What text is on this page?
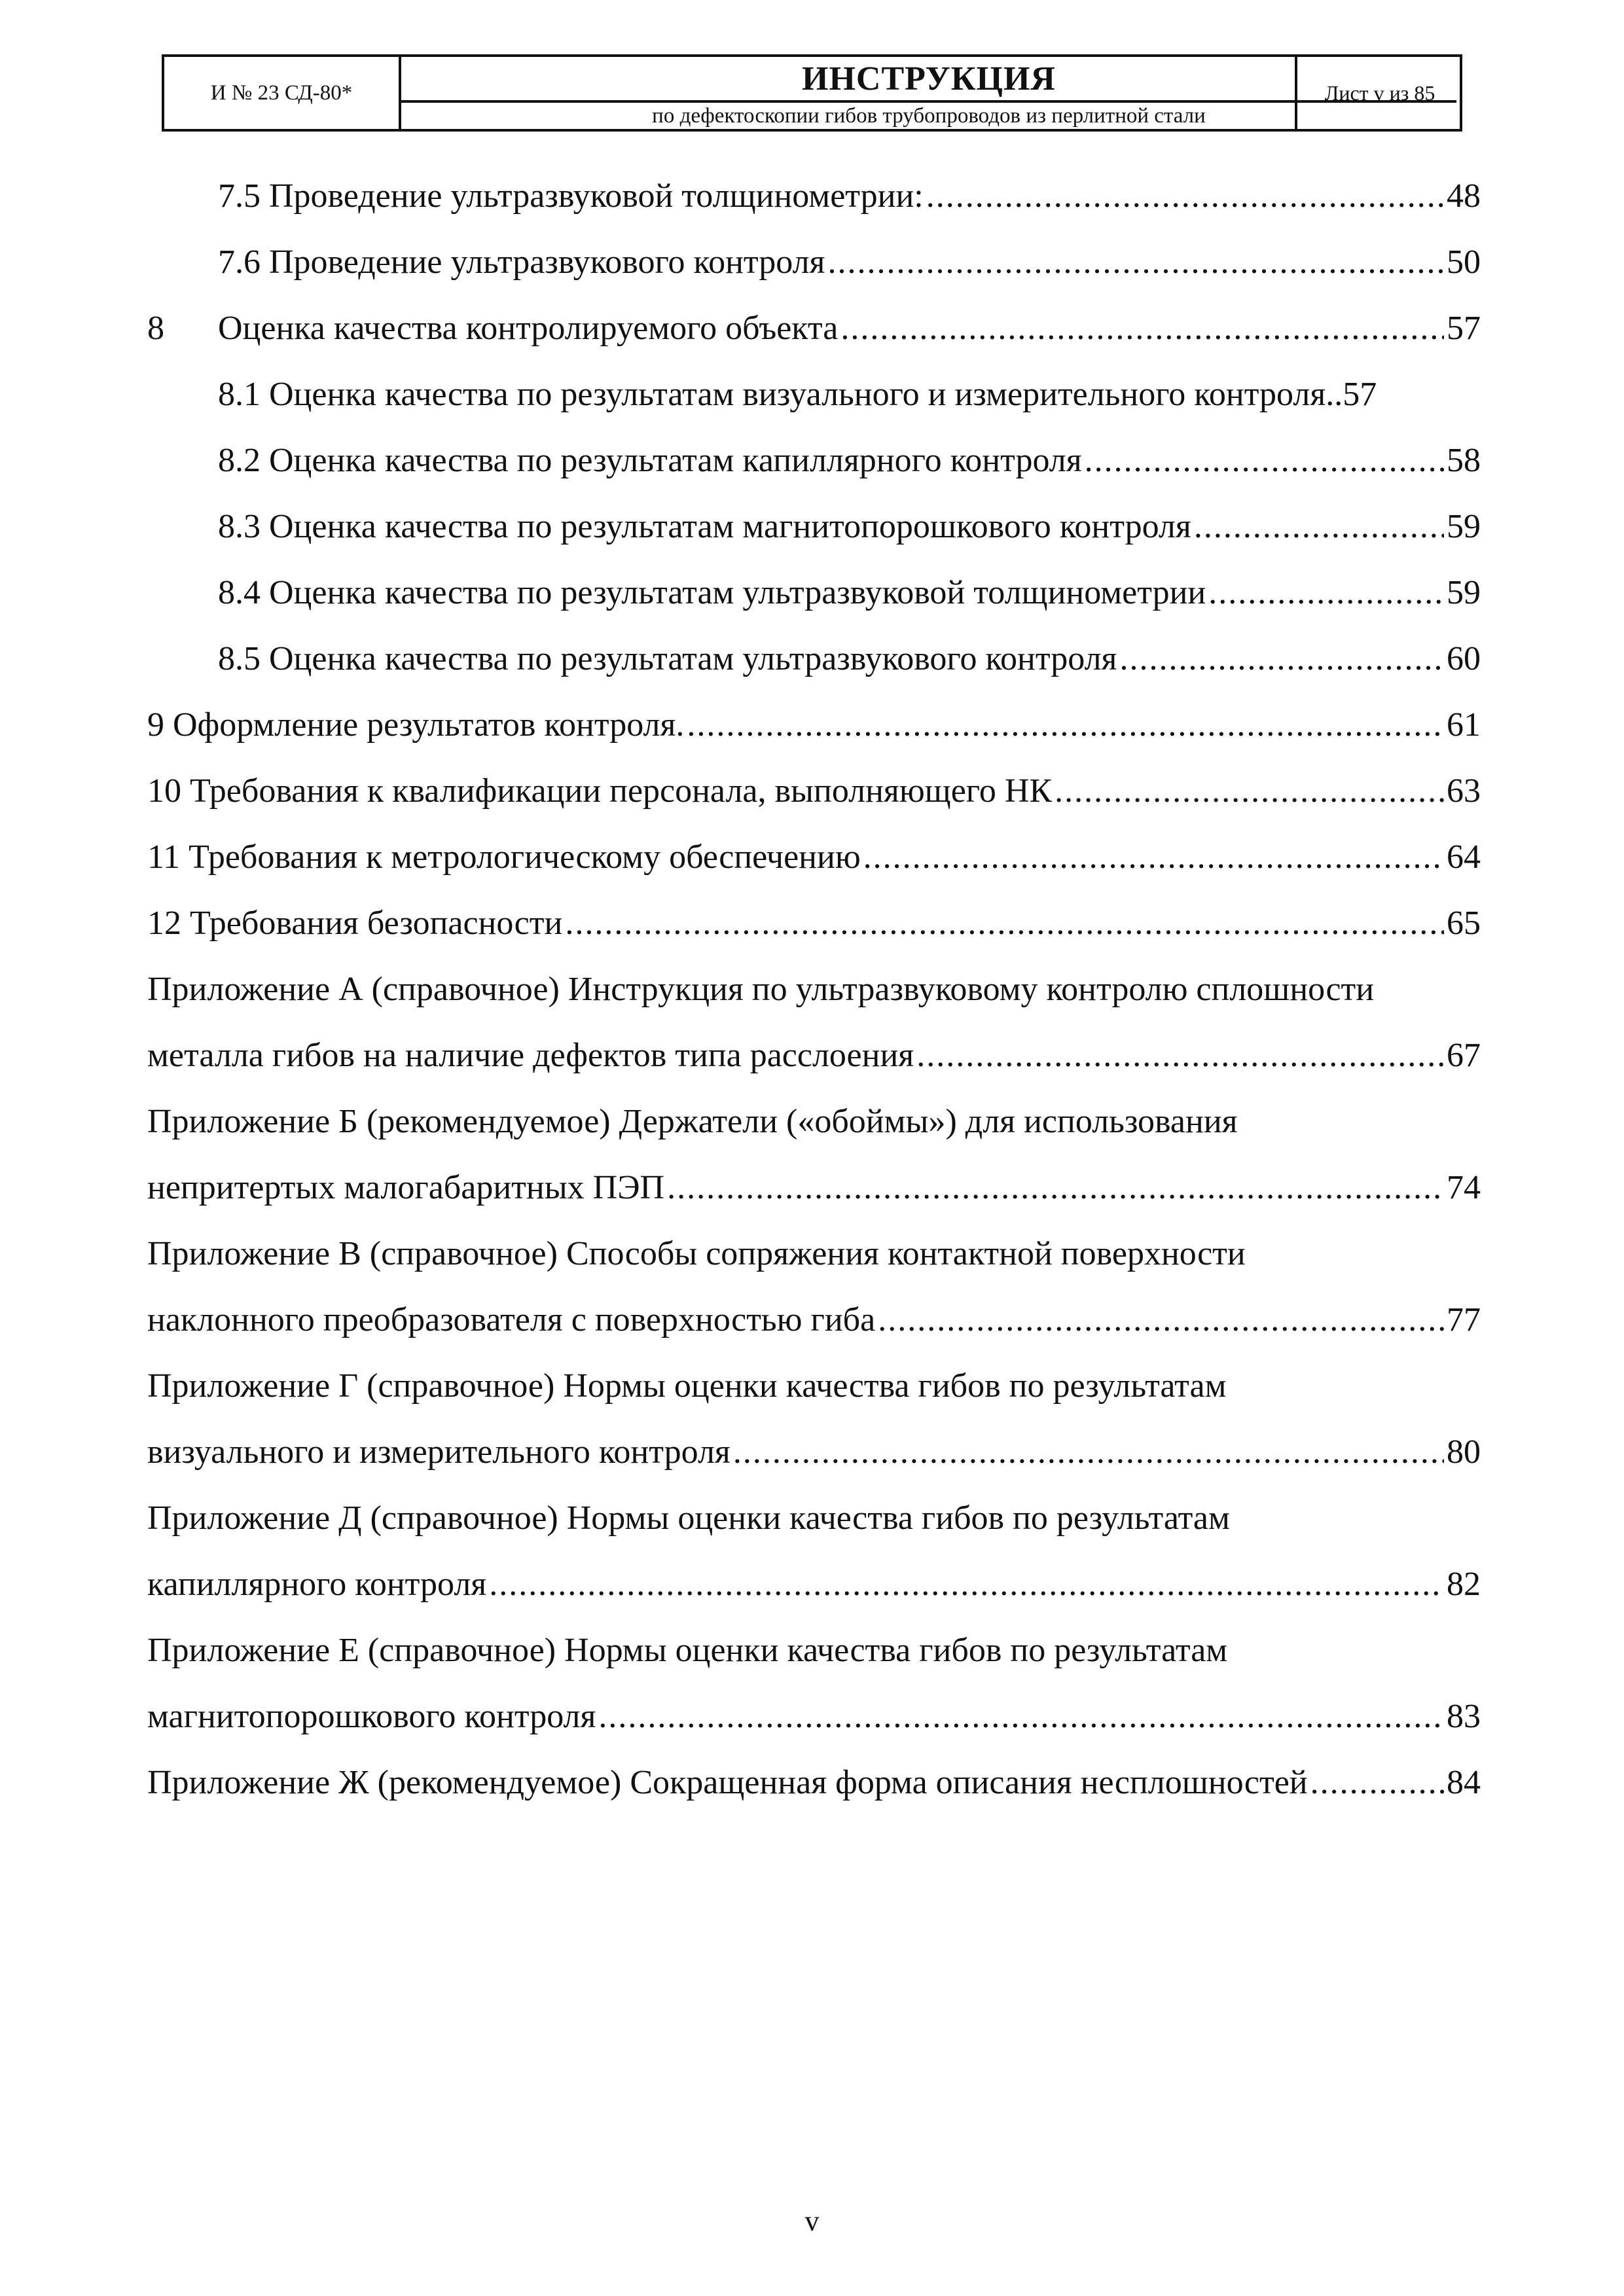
И № 23 СД-80*	ИНСТРУКЦИЯ
по дефектоскопии гибов трубопроводов из перлитной стали
Лист v из 85
7.5 Проведение ультразвуковой толщинометрии: .....	48
7.6 Проведение ультразвукового контроля .....	50
8 Оценка качества контролируемого объекта .....	57
8.1 Оценка качества по результатам визуального и измерительного контроля.. 57
8.2 Оценка качества по результатам капиллярного контроля .....	58
8.3 Оценка качества по результатам магнитопорошкового контроля .....	59
8.4 Оценка качества по результатам ультразвуковой толщинометрии .....	59
8.5 Оценка качества по результатам ультразвукового контроля .....	60
9 Оформление результатов контроля. .....	61
10 Требования к квалификации персонала, выполняющего НК .....	63
11 Требования к метрологическому обеспечению .....	64
12 Требования безопасности .....	65
Приложение А (справочное) Инструкция по ультразвуковому контролю сплошности
металла гибов на наличие дефектов типа расслоения .....	67
Приложение Б (рекомендуемое) Держатели («обоймы») для использования
непритертых малогабаритных ПЭП .....	74
Приложение В (справочное) Способы сопряжения контактной поверхности
наклонного преобразователя с поверхностью гиба .....	77
Приложение Г (справочное) Нормы оценки качества гибов по результатам
визуального и измерительного контроля .....	80
Приложение Д (справочное) Нормы оценки качества гибов по результатам
капиллярного контроля .....	82
Приложение Е (справочное) Нормы оценки качества гибов по результатам
магнитопорошкового контроля .....	83
Приложение Ж (рекомендуемое) Сокращенная форма описания несплошностей .....	84
v
